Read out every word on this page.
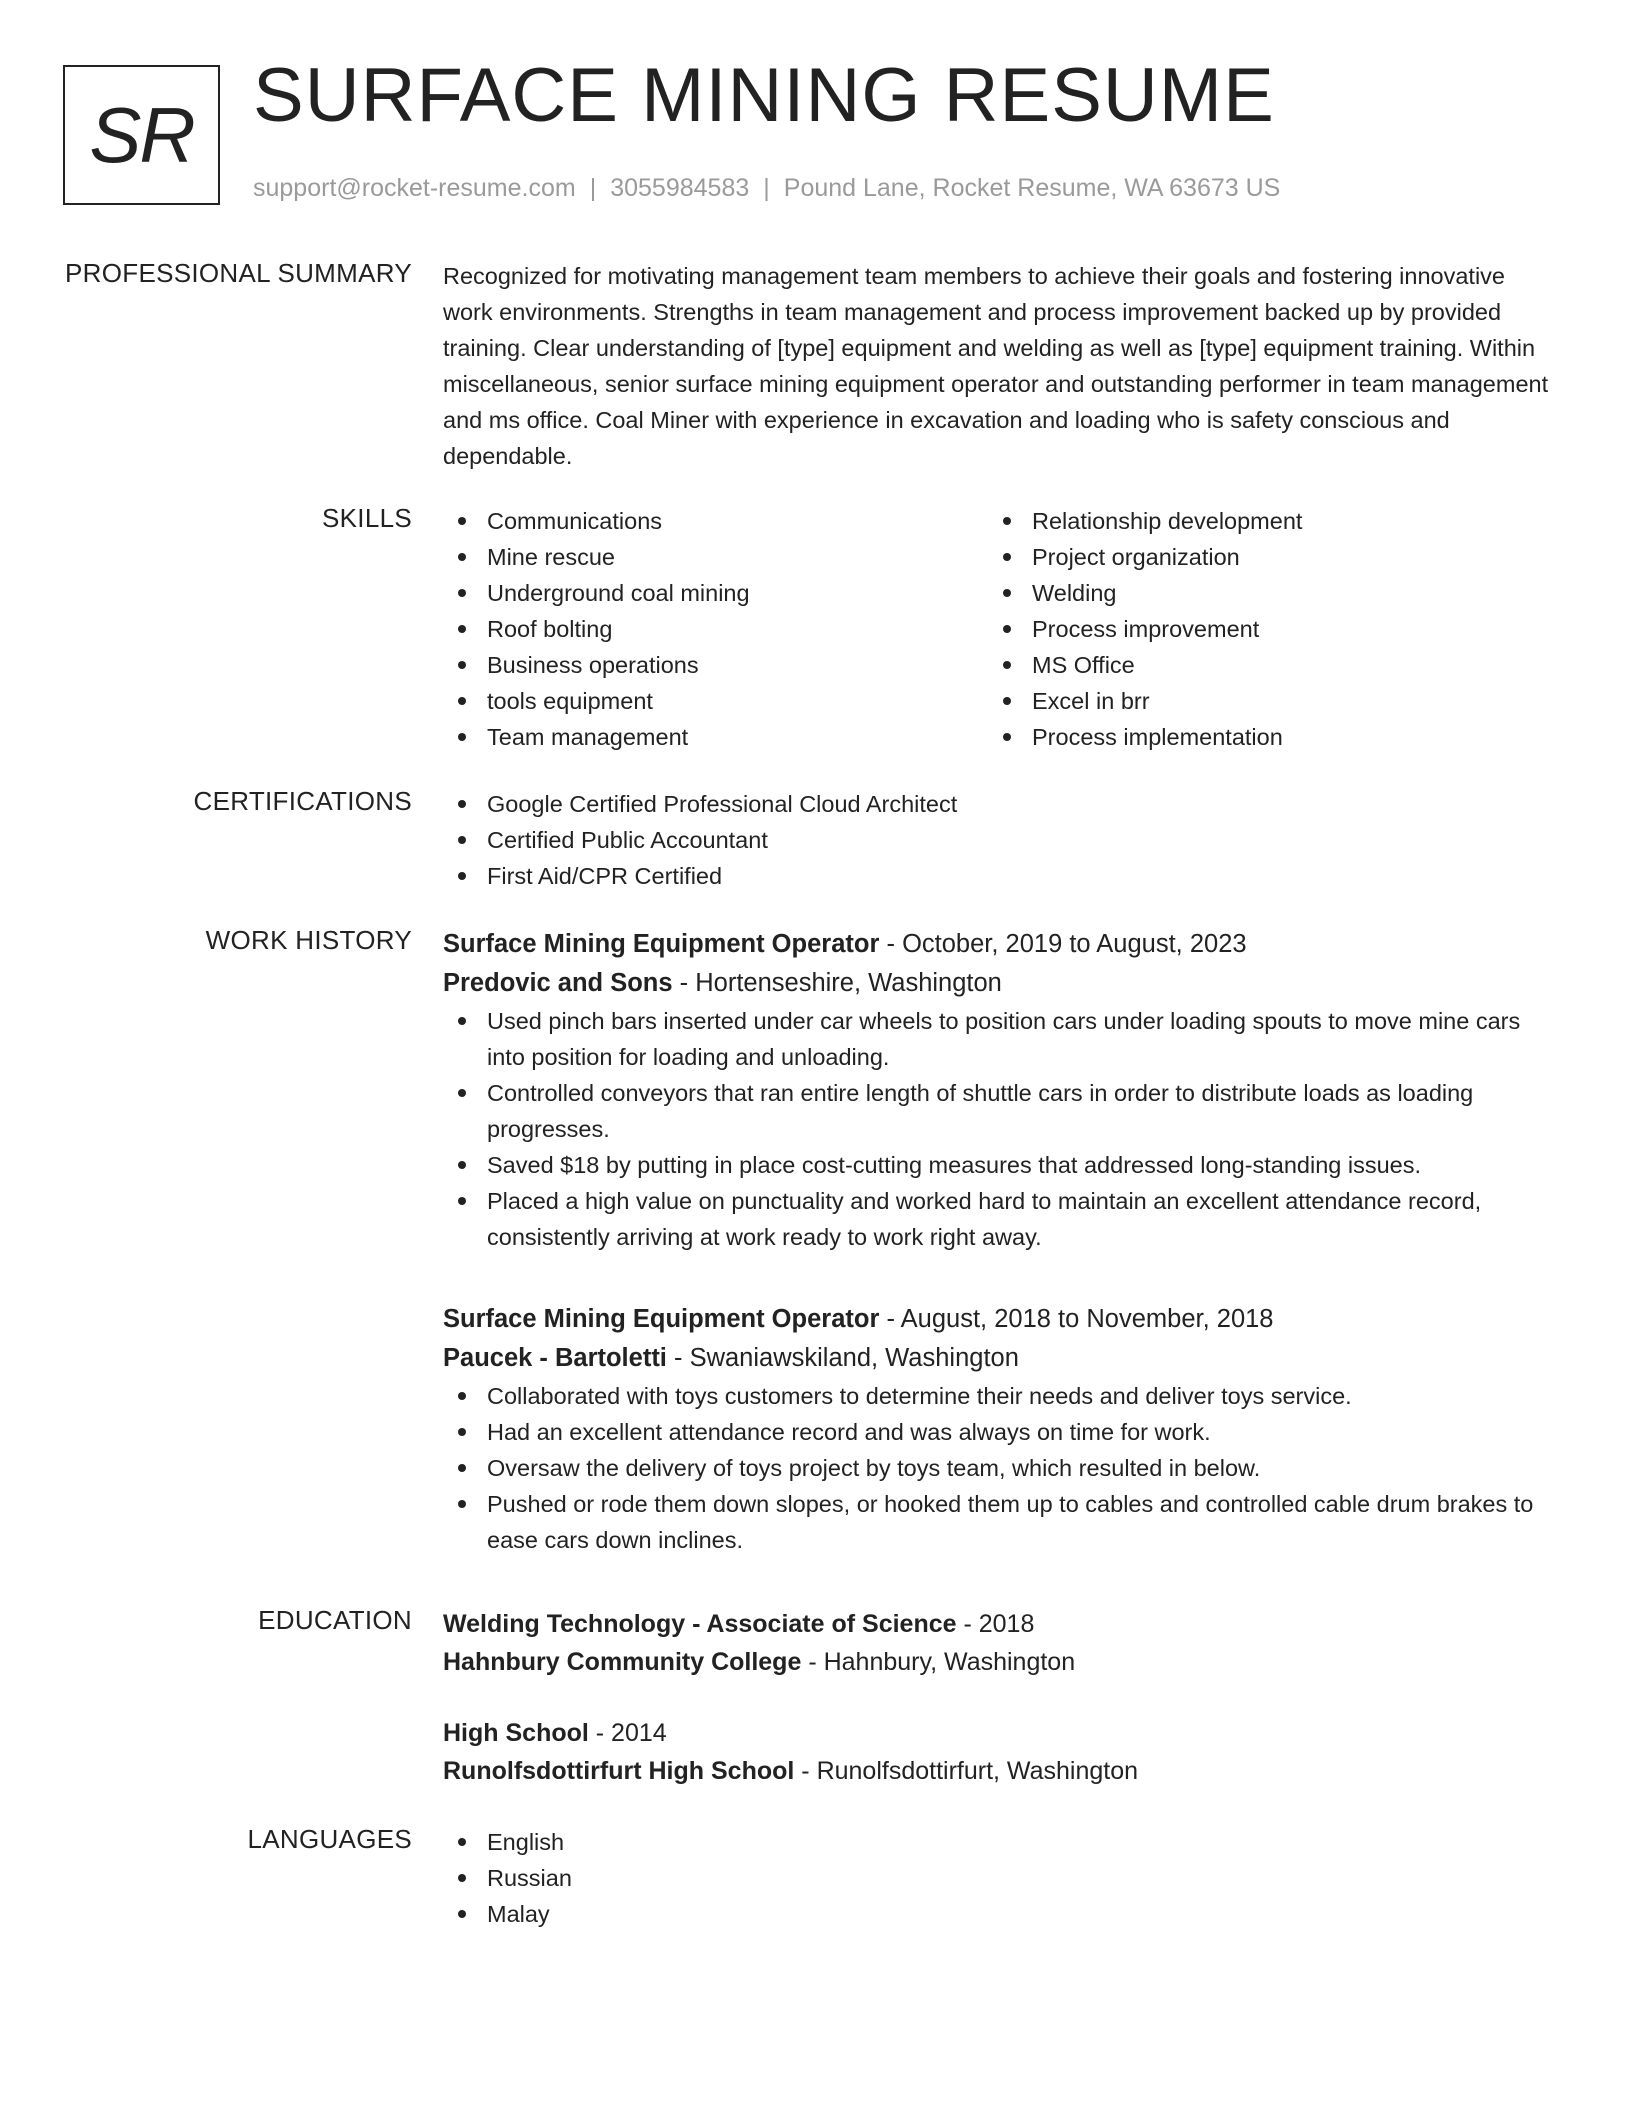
SR SURFACE MINING RESUME
support@rocket-resume.com | 3055984583 | Pound Lane, Rocket Resume, WA 63673 US
PROFESSIONAL SUMMARY Recognized for motivating management team members to achieve their goals and fostering innovative work environments. Strengths in team management and process improvement backed up by provided training. Clear understanding of [type] equipment and welding as well as [type] equipment training. Within miscellaneous, senior surface mining equipment operator and outstanding performer in team management and ms office. Coal Miner with experience in excavation and loading who is safety conscious and dependable.
SKILLS	Communications
Mine rescue
Underground coal mining
Roof bolting
Business operations
tools equipment
Team management
Relationship development
Project organization
Welding
Process improvement
MS Office
Excel in brr
Process implementation
CERTIFICATIONS	Google Certified Professional Cloud Architect
Certified Public Accountant
First Aid/CPR Certified
WORK HISTORY Surface Mining Equipment Operator - October, 2019 to August, 2023
Predovic and Sons - Hortenseshire, Washington
Used pinch bars inserted under car wheels to position cars under loading spouts to move mine cars into position for loading and unloading.
Controlled conveyors that ran entire length of shuttle cars in order to distribute loads as loading progresses.
Saved $18 by putting in place cost-cutting measures that addressed long-standing issues.
Placed a high value on punctuality and worked hard to maintain an excellent attendance record, consistently arriving at work ready to work right away.
Surface Mining Equipment Operator - August, 2018 to November, 2018
Paucek - Bartoletti - Swaniawskiland, Washington
Collaborated with toys customers to determine their needs and deliver toys service.
Had an excellent attendance record and was always on time for work.
Oversaw the delivery of toys project by toys team, which resulted in below.
Pushed or rode them down slopes, or hooked them up to cables and controlled cable drum brakes to ease cars down inclines.
EDUCATION Welding Technology - Associate of Science - 2018
Hahnbury Community College - Hahnbury, Washington
High School - 2014
Runolfsdottirfurt High School - Runolfsdottirfurt, Washington
LANGUAGES	English
Russian
Malay
